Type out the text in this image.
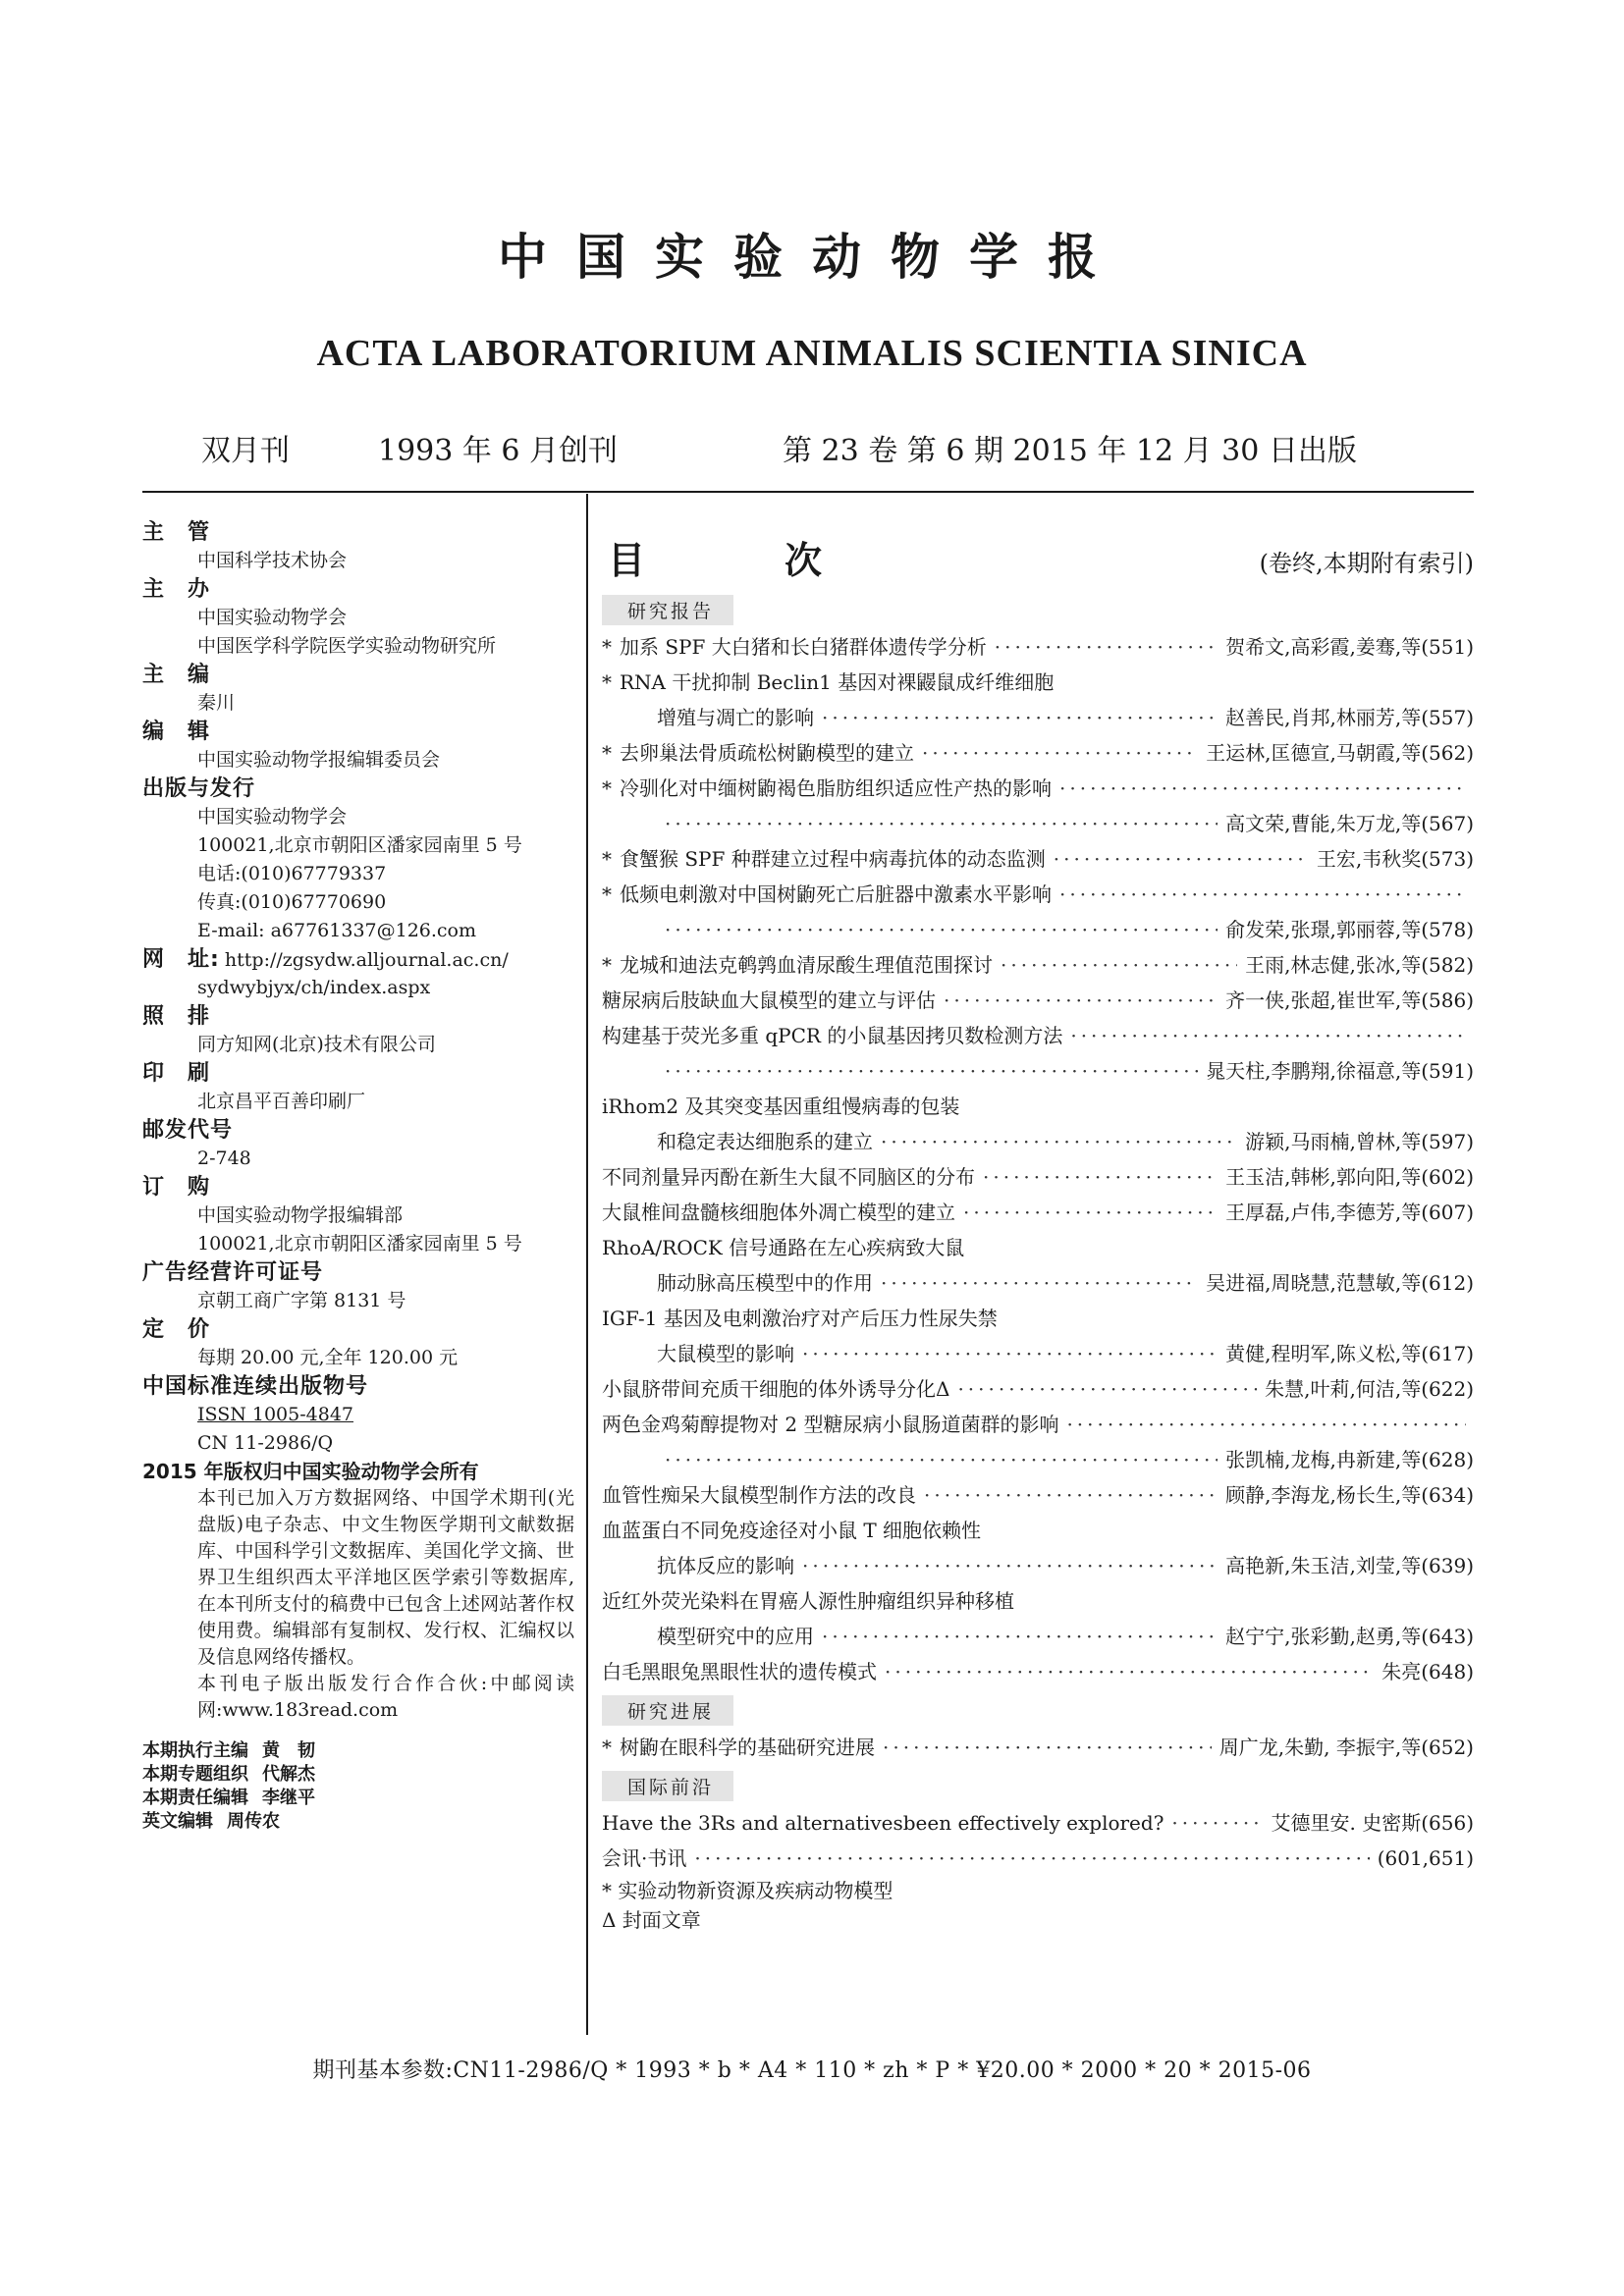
中国实验动物学报
ACTA LABORATORIUM ANIMALIS SCIENTIA SINICA
双月刊	1993 年 6 月创刊	第 23 卷 第 6 期 2015 年 12 月 30 日出版
主　管
中国科学技术协会
主　办
中国实验动物学会
中国医学科学院医学实验动物研究所
主　编
秦川
编　辑
中国实验动物学报编辑委员会
出版与发行
中国实验动物学会
100021,北京市朝阳区潘家园南里 5 号
电话:(010)67779337
传真:(010)67770690
E-mail: a67761337@126.com
网　址: http://zgsydw.alljournal.ac.cn/
sydwybjyx/ch/index.aspx
照　排
同方知网(北京)技术有限公司
印　刷
北京昌平百善印刷厂
邮发代号
2-748
订　购
中国实验动物学报编辑部
100021,北京市朝阳区潘家园南里 5 号
广告经营许可证号
京朝工商广字第 8131 号
定　价
每期 20.00 元,全年 120.00 元
中国标准连续出版物号
ISSN 1005-4847
CN 11-2986/Q
2015 年版权归中国实验动物学会所有
本刊已加入万方数据网络、中国学术期刊(光盘版)电子杂志、中文生物医学期刊文献数据库、中国科学引文数据库、美国化学文摘、世界卫生组织西太平洋地区医学索引等数据库,在本刊所支付的稿费中已包含上述网站著作权使用费。编辑部有复制权、发行权、汇编权以及信息网络传播权。
本刊电子版出版发行合作合伙:中邮阅读网:www.183read.com
本期执行主编 黄　韧
本期专题组织 代解杰
本期责任编辑 李继平
英文编辑 周传农
目　次	(卷终,本期附有索引)
研究报告
* 加系 SPF 大白猪和长白猪群体遗传学分析 ·····	贺希文,高彩霞,姜骞,等(551)
* RNA 干扰抑制 Beclin1 基因对裸鼹鼠成纤维细胞
增殖与凋亡的影响 ·····	赵善民,肖邦,林丽芳,等(557)
* 去卵巢法骨质疏松树鼩模型的建立 ·····	王运林,匡德宣,马朝霞,等(562)
* 冷驯化对中缅树鼩褐色脂肪组织适应性产热的影响
·····
·····
高文荣,曹能,朱万龙,等(567)
* 食蟹猴 SPF 种群建立过程中病毒抗体的动态监测 ·····	王宏,韦秋奖(573)
* 低频电刺激对中国树鼩死亡后脏器中激素水平影响
·····
·····
俞发荣,张璟,郭丽蓉,等(578)
* 龙城和迪法克鹌鹑血清尿酸生理值范围探讨 ·····	王雨,林志健,张冰,等(582)
糖尿病后肢缺血大鼠模型的建立与评估 ·····	齐一侠,张超,崔世军,等(586)
构建基于荧光多重 qPCR 的小鼠基因拷贝数检测方法
·····
·····
晁天柱,李鹏翔,徐福意,等(591)
iRhom2 及其突变基因重组慢病毒的包装
和稳定表达细胞系的建立 ·····	游颖,马雨楠,曾林,等(597)
不同剂量异丙酚在新生大鼠不同脑区的分布 ·····	王玉洁,韩彬,郭向阳,等(602)
大鼠椎间盘髓核细胞体外凋亡模型的建立 ·····	王厚磊,卢伟,李德芳,等(607)
RhoA/ROCK 信号通路在左心疾病致大鼠
肺动脉高压模型中的作用 ·····	吴进福,周晓慧,范慧敏,等(612)
IGF-1 基因及电刺激治疗对产后压力性尿失禁
大鼠模型的影响 ·····	黄健,程明军,陈义松,等(617)
小鼠脐带间充质干细胞的体外诱导分化Δ ·····	朱慧,叶莉,何洁,等(622)
两色金鸡菊醇提物对 2 型糖尿病小鼠肠道菌群的影响
·····
·····
张凯楠,龙梅,冉新建,等(628)
血管性痴呆大鼠模型制作方法的改良 ·····	顾静,李海龙,杨长生,等(634)
血蓝蛋白不同免疫途径对小鼠 T 细胞依赖性
抗体反应的影响 ·····	高艳新,朱玉洁,刘莹,等(639)
近红外荧光染料在胃癌人源性肿瘤组织异种移植
模型研究中的应用 ·····	赵宁宁,张彩勤,赵勇,等(643)
白毛黑眼兔黑眼性状的遗传模式 ·····	朱亮(648)
研究进展
* 树鼩在眼科学的基础研究进展 ·····	周广龙,朱勤, 李振宇,等(652)
国际前沿
Have the 3Rs and alternativesbeen effectively explored? ·····	艾德里安. 史密斯(656)
会讯·书讯 ·····	(601,651)
* 实验动物新资源及疾病动物模型
Δ 封面文章
期刊基本参数:CN11-2986/Q * 1993 * b * A4 * 110 * zh * P * ¥20.00 * 2000 * 20 * 2015-06
